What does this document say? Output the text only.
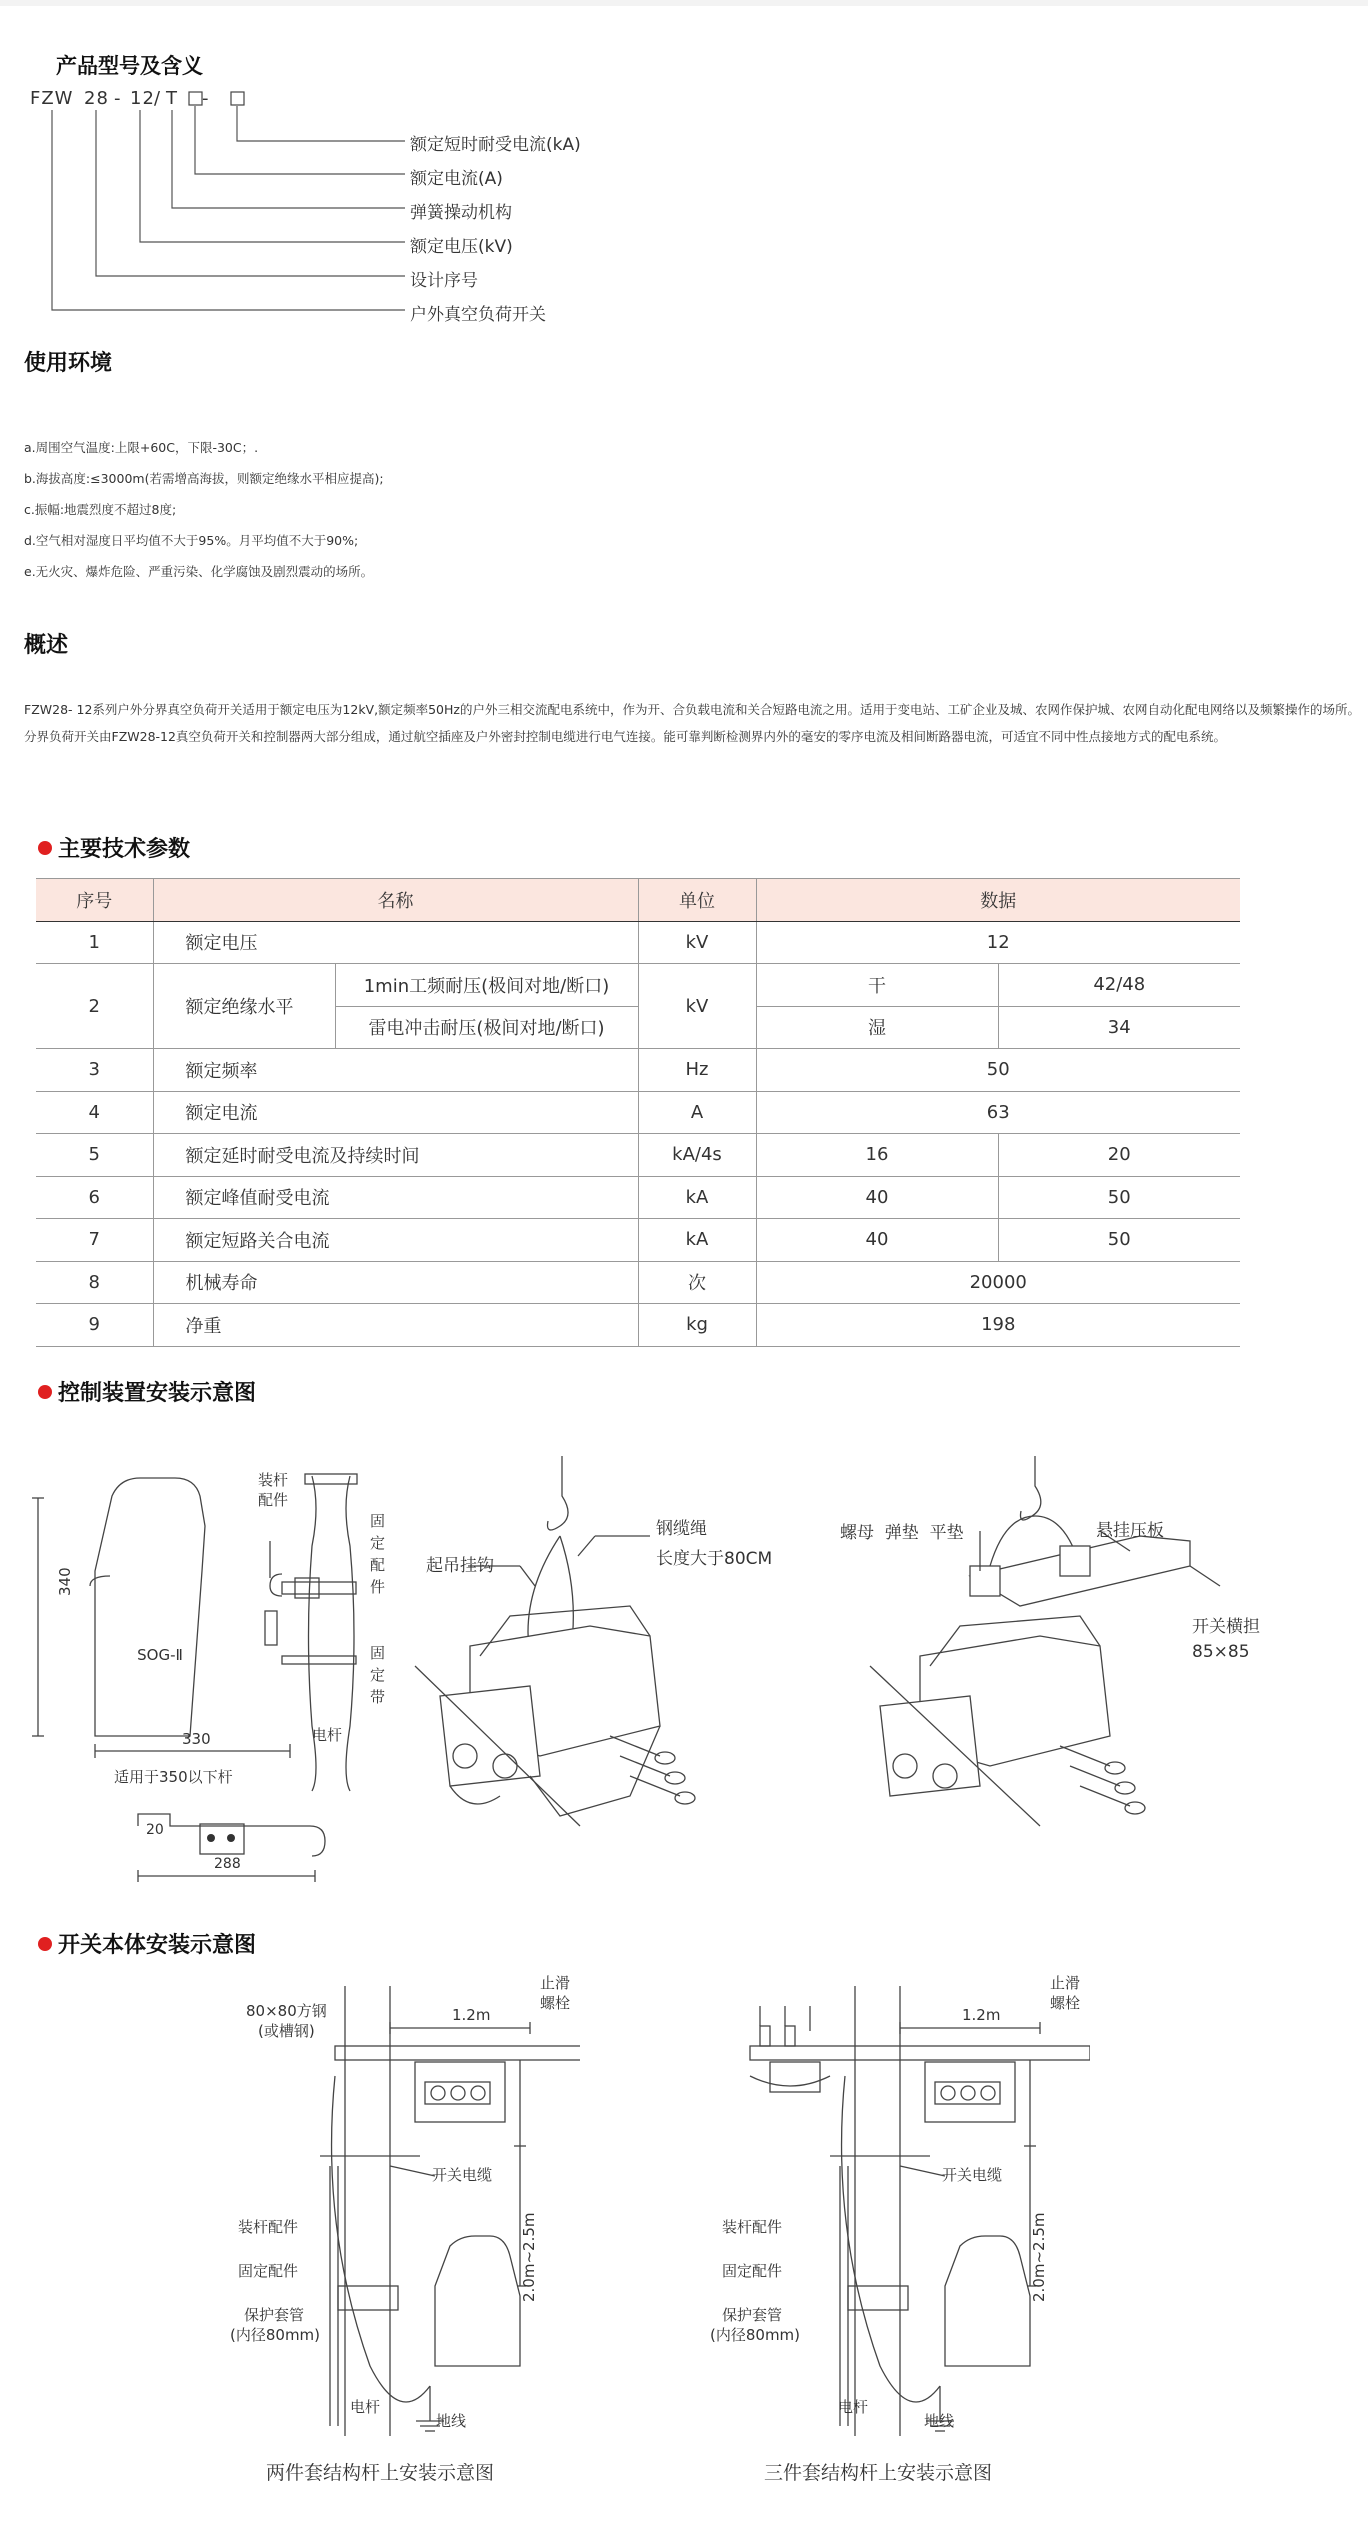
产品型号及含义
FZW 28 - 12 / T -
额定短时耐受电流(kA)
额定电流(A)
弹簧操动机构
额定电压(kV)
设计序号
户外真空负荷开关
使用环境

a.周围空气温度:上限+60C，下限-30C；.

b.海拔高度:≤3000m(若需增高海拔，则额定绝缘水平相应提高);

c.振幅:地震烈度不超过8度;

d.空气相对湿度日平均值不大于95%。月平均值不大于90%;

e.无火灾、爆炸危险、严重污染、化学腐蚀及剧烈震动的场所。

概述
FZW28- 12系列户外分界真空负荷开关适用于额定电压为12kV,额定频率50Hz的户外三相交流配电系统中，作为开、合负载电流和关合短路电流之用。适用于变电站、工矿企业及城、农网作保护城、农网自动化配电网络以及频繁操作的场所。分界负荷开关由FZW28-12真空负荷开关和控制器两大部分组成，通过航空插座及户外密封控制电缆进行电气连接。能可靠判断检测界内外的毫安的零序电流及相间断路器电流，可适宜不同中性点接地方式的配电系统。
主要技术参数
序号	名称		单位	数据	
1	额定电压		kV	12	
2	额定绝缘水平	1min工频耐压(极间对地/断口)	kV	干	42/48
		雷电冲击耐压(极间对地/断口)		湿	34
3	额定频率		Hz	50	
4	额定电流		A	63	
5	额定延时耐受电流及持续时间		kA/4s	16	20
6	额定峰值耐受电流		kA	40	50
7	额定短路关合电流		kA	40	50
8	机械寿命		次	20000	
9	净重		kg	198	
控制装置安装示意图
SOG-Ⅱ
340
330
装杆配件
固定配件
固定带
电杆
适用于350以下杆
20
288
起吊挂钩
钢缆绳
长度大于80CM
螺母  弹垫  平垫	悬挂压板
开关横担
85×85
开关本体安装示意图
80×80方钢
(或槽钢)
1.2m
止滑
螺栓
开关电缆
2.0m~2.5m
装杆配件
固定配件
保护套管
(内径80mm)
电杆
地线
两件套结构杆上安装示意图
1.2m
止滑
螺栓
开关电缆
2.0m~2.5m
装杆配件
固定配件
保护套管
(内径80mm)
电杆
地线
三件套结构杆上安装示意图
